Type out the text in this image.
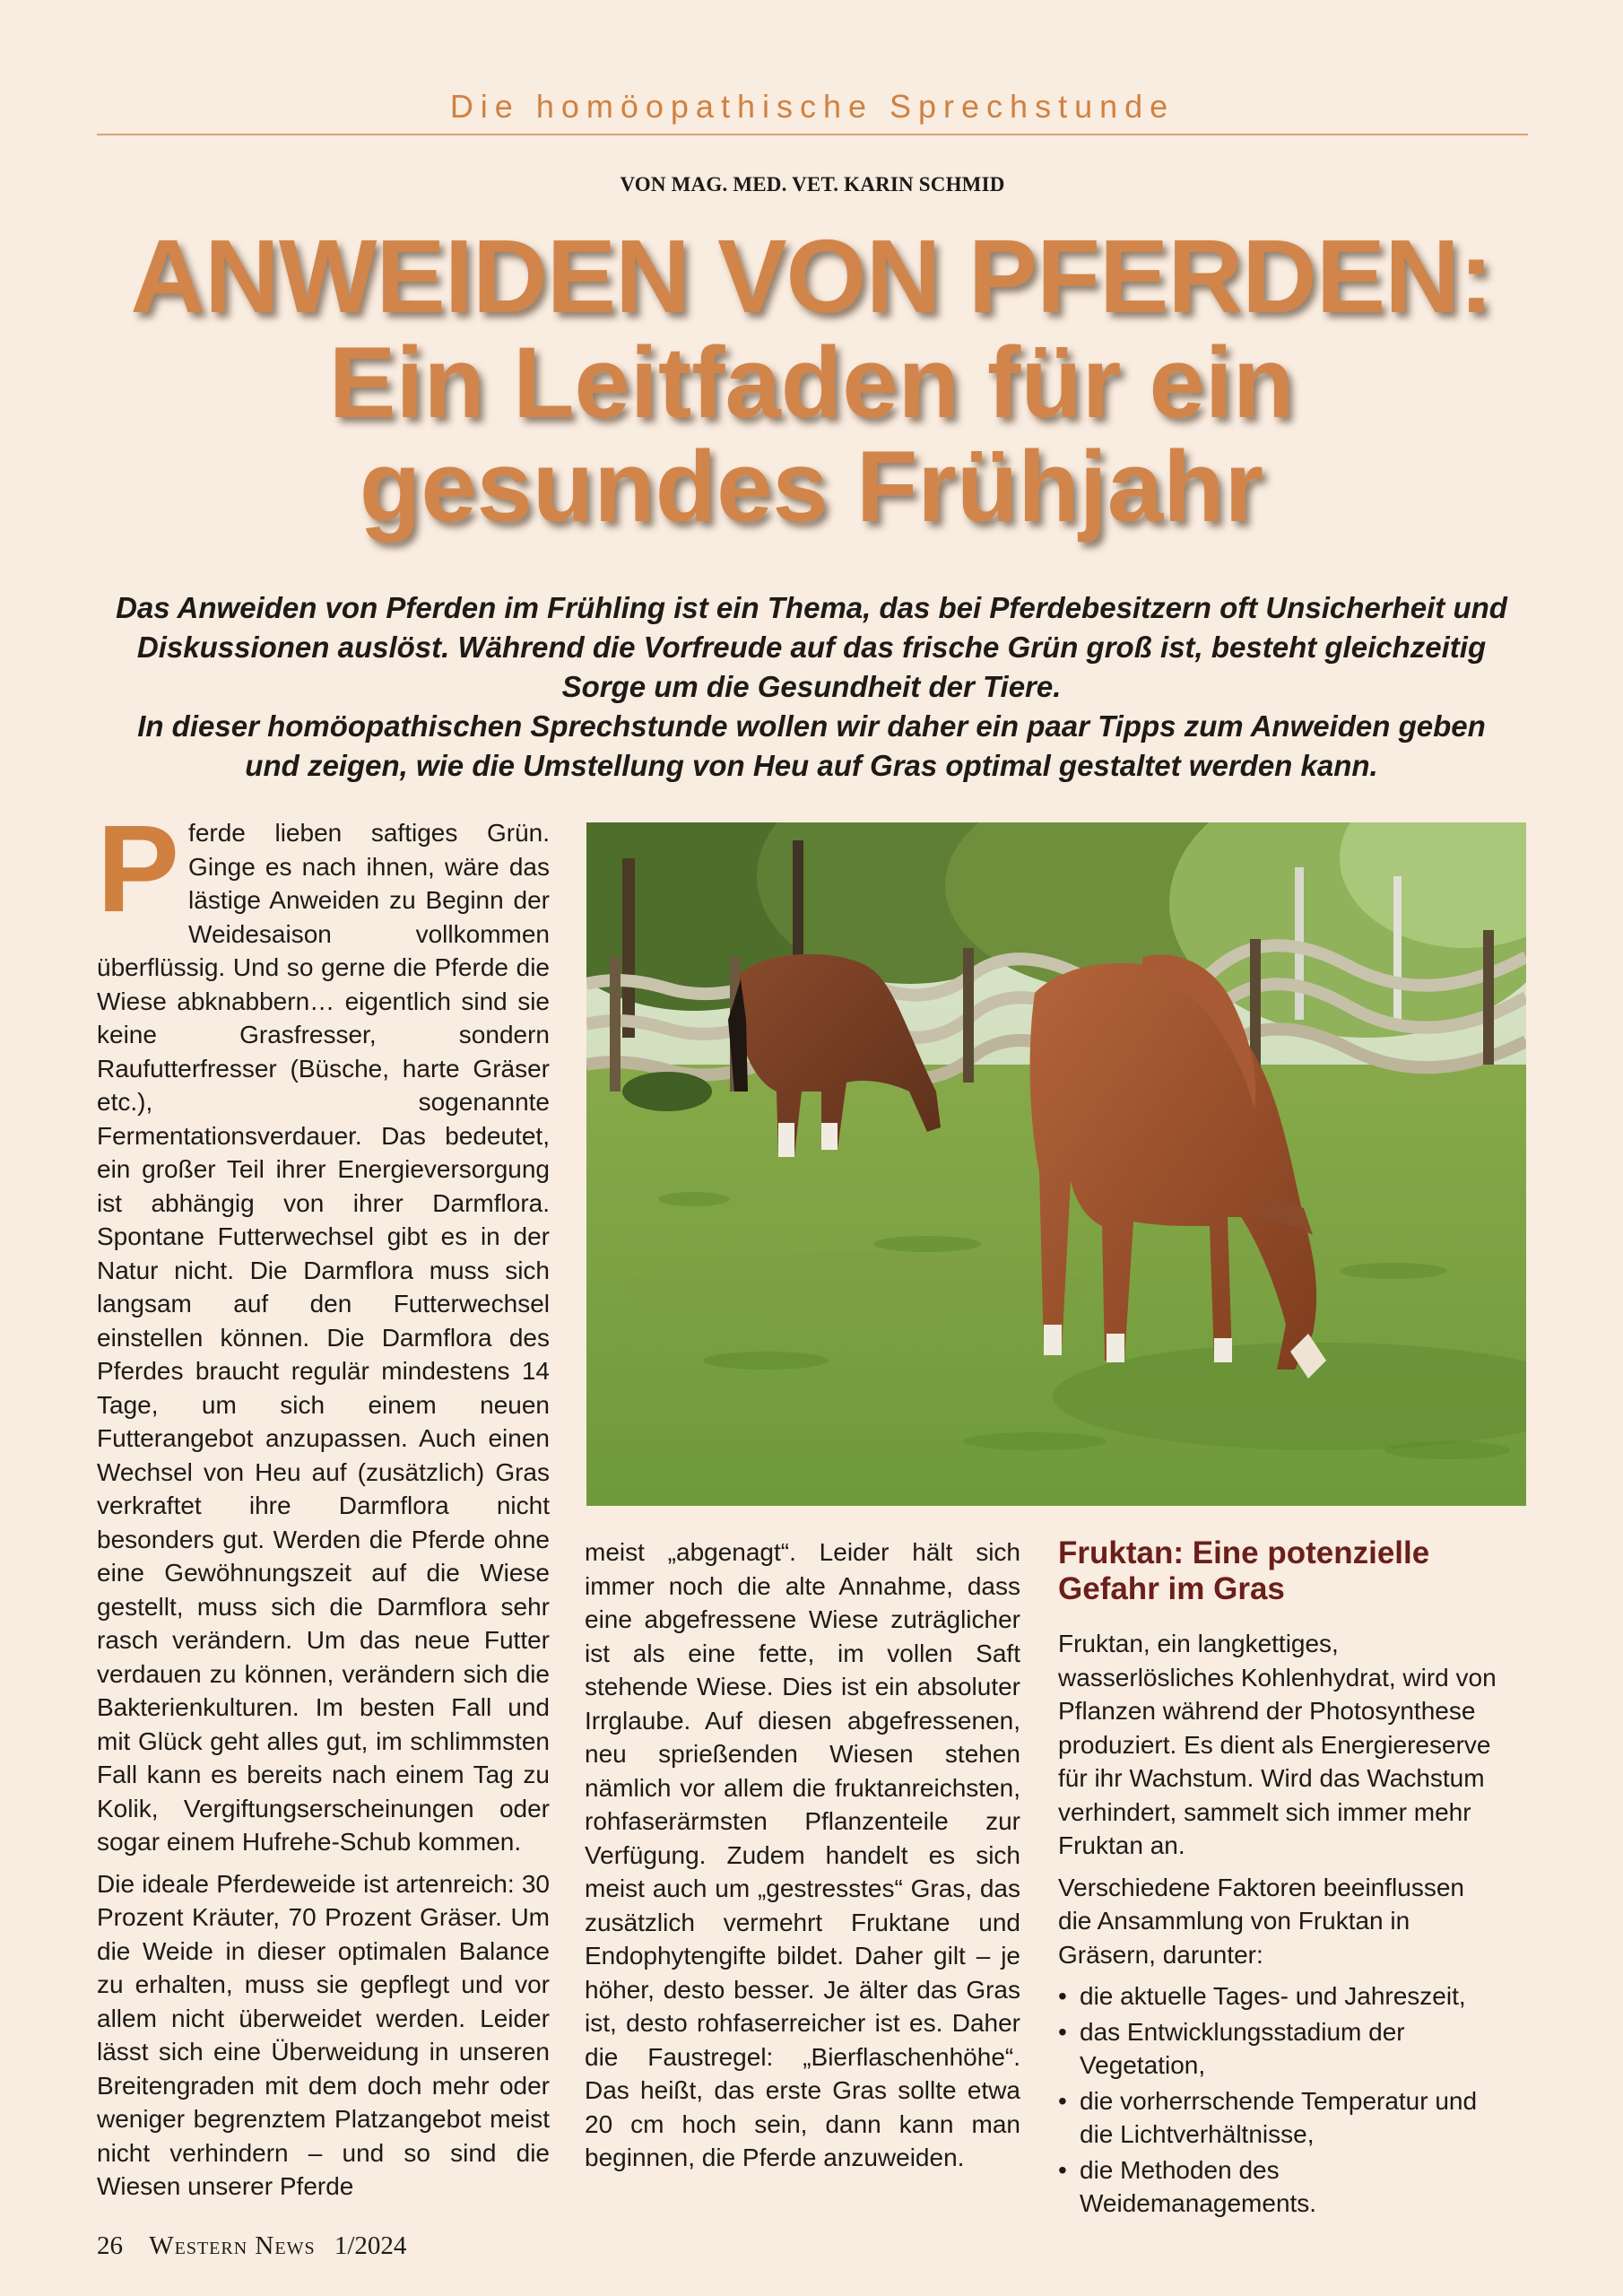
Die homöopathische Sprechstunde
VON MAG. MED. VET. KARIN SCHMID
ANWEIDEN VON PFERDEN:
Ein Leitfaden für ein
gesundes Frühjahr

Das Anweiden von Pferden im Frühling ist ein Thema, das bei Pferdebesitzern oft Unsicherheit und Diskussionen auslöst. Während die Vorfreude auf das frische Grün groß ist, besteht gleichzeitig Sorge um die Gesundheit der Tiere.

In dieser homöopathischen Sprechstunde wollen wir daher ein paar Tipps zum Anweiden geben und zeigen, wie die Umstellung von Heu auf Gras optimal gestaltet werden kann.

P ferde lieben saftiges Grün. Ginge es nach ihnen, wäre das lästige Anweiden zu Beginn der Weidesaison vollkommen überflüssig. Und so gerne die Pferde die Wiese abknabbern… eigentlich sind sie keine Grasfresser, sondern Raufutterfresser (Büsche, harte Gräser etc.), sogenannte Fermentationsverdauer. Das bedeutet, ein großer Teil ihrer Energieversorgung ist abhängig von ihrer Darmflora. Spontane Futterwechsel gibt es in der Natur nicht. Die Darmflora muss sich langsam auf den Futterwechsel einstellen können. Die Darmflora des Pferdes braucht regulär mindestens 14 Tage, um sich einem neuen Futterangebot anzupassen. Auch einen Wechsel von Heu auf (zusätzlich) Gras verkraftet ihre Darmflora nicht besonders gut. Werden die Pferde ohne eine Gewöhnungszeit auf die Wiese gestellt, muss sich die Darmflora sehr rasch verändern. Um das neue Futter verdauen zu können, verändern sich die Bakterienkulturen. Im besten Fall und mit Glück geht alles gut, im schlimmsten Fall kann es bereits nach einem Tag zu Kolik, Vergiftungserscheinungen oder sogar einem Hufrehe-Schub kommen.

Die ideale Pferdeweide ist artenreich: 30 Prozent Kräuter, 70 Prozent Gräser. Um die Weide in dieser optimalen Balance zu erhalten, muss sie gepflegt und vor allem nicht überweidet werden. Leider lässt sich eine Überweidung in unseren Breitengraden mit dem doch mehr oder weniger begrenztem Platzangebot meist nicht verhindern – und so sind die Wiesen unserer Pferde

meist „abgenagt“. Leider hält sich immer noch die alte Annahme, dass eine abgefressene Wiese zuträglicher ist als eine fette, im vollen Saft stehende Wiese. Dies ist ein absoluter Irrglaube. Auf diesen abgefressenen, neu sprießenden Wiesen stehen nämlich vor allem die fruktanreichsten, rohfaserärmsten Pflanzenteile zur Verfügung. Zudem handelt es sich meist auch um „gestresstes“ Gras, das zusätzlich vermehrt Fruktane und Endophytengifte bildet. Daher gilt – je höher, desto besser. Je älter das Gras ist, desto rohfaserreicher ist es. Daher die Faustregel: „Bierflaschenhöhe“. Das heißt, das erste Gras sollte etwa 20 cm hoch sein, dann kann man beginnen, die Pferde anzuweiden.

Fruktan: Eine potenzielle Gefahr im Gras

Fruktan, ein langkettiges, wasserlösliches Kohlenhydrat, wird von Pflanzen während der Photosynthese produziert. Es dient als Energiereserve für ihr Wachstum. Wird das Wachstum verhindert, sammelt sich immer mehr Fruktan an.

Verschiedene Faktoren beeinflussen die Ansammlung von Fruktan in Gräsern, darunter:

• die aktuelle Tages- und Jahreszeit,
• das Entwicklungsstadium der Vegetation,
• die vorherrschende Temperatur und die Lichtverhältnisse,
• die Methoden des Weidemanagements.
26 Western News 1/2024
